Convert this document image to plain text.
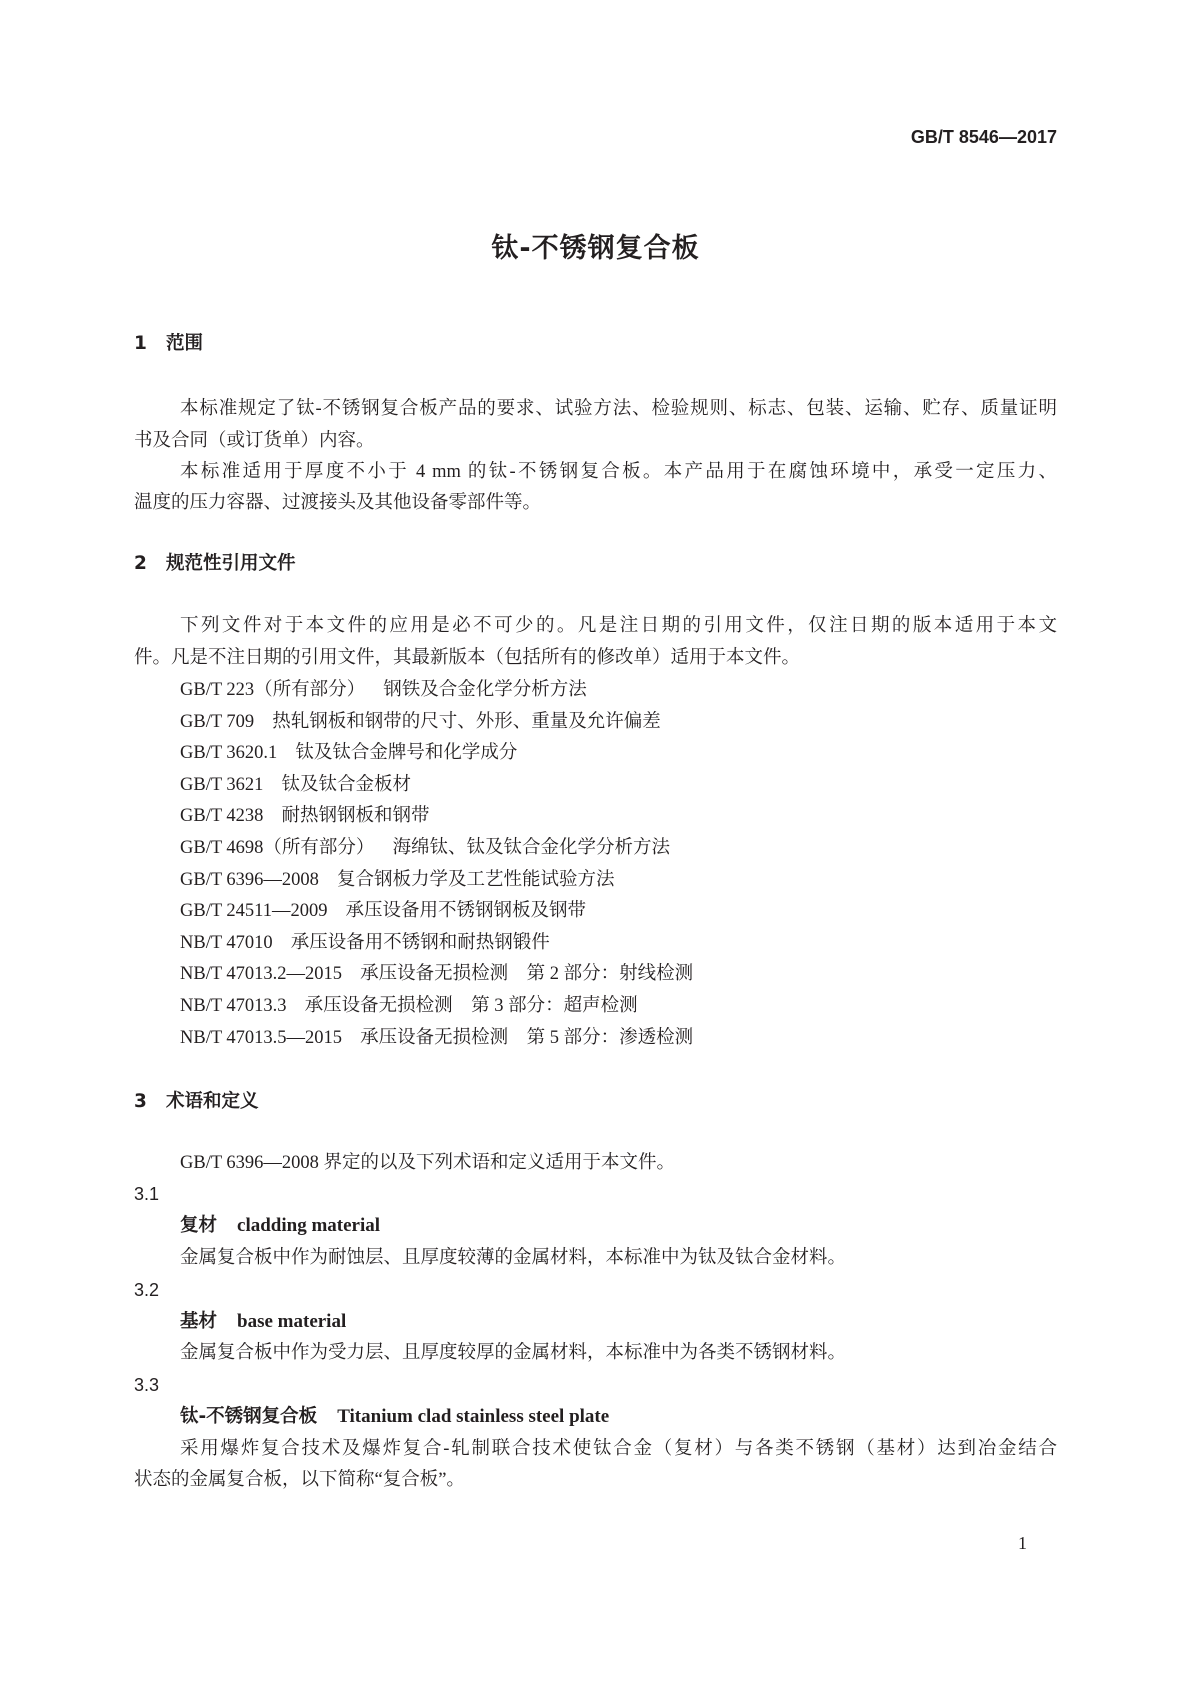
GB/T 8546—2017
钛-不锈钢复合板
1 范围
本标准规定了钛-不锈钢复合板产品的要求、试验方法、检验规则、标志、包装、运输、贮存、质量证明
书及合同（或订货单）内容。
本标准适用于厚度不小于 4 mm 的钛-不锈钢复合板。本产品用于在腐蚀环境中，承受一定压力、
温度的压力容器、过渡接头及其他设备零部件等。
2 规范性引用文件
下列文件对于本文件的应用是必不可少的。凡是注日期的引用文件，仅注日期的版本适用于本文
件。凡是不注日期的引用文件，其最新版本（包括所有的修改单）适用于本文件。
GB/T 223（所有部分） 钢铁及合金化学分析方法
GB/T 709 热轧钢板和钢带的尺寸、外形、重量及允许偏差
GB/T 3620.1 钛及钛合金牌号和化学成分
GB/T 3621 钛及钛合金板材
GB/T 4238 耐热钢钢板和钢带
GB/T 4698（所有部分） 海绵钛、钛及钛合金化学分析方法
GB/T 6396—2008 复合钢板力学及工艺性能试验方法
GB/T 24511—2009 承压设备用不锈钢钢板及钢带
NB/T 47010 承压设备用不锈钢和耐热钢锻件
NB/T 47013.2—2015 承压设备无损检测　第 2 部分：射线检测
NB/T 47013.3 承压设备无损检测　第 3 部分：超声检测
NB/T 47013.5—2015 承压设备无损检测　第 5 部分：渗透检测
3 术语和定义
GB/T 6396—2008 界定的以及下列术语和定义适用于本文件。
3.1
复材 cladding material
金属复合板中作为耐蚀层、且厚度较薄的金属材料，本标准中为钛及钛合金材料。
3.2
基材 base material
金属复合板中作为受力层、且厚度较厚的金属材料，本标准中为各类不锈钢材料。
3.3
钛-不锈钢复合板 Titanium clad stainless steel plate
采用爆炸复合技术及爆炸复合-轧制联合技术使钛合金（复材）与各类不锈钢（基材）达到冶金结合
状态的金属复合板，以下简称“复合板”。
1
